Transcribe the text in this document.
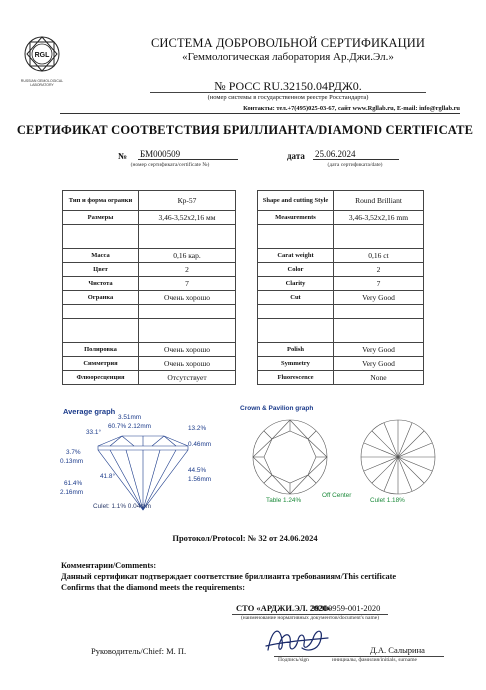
RGL
RUSSIAN GEMOLOGICAL LABORATORY
СИСТЕМА ДОБРОВОЛЬНОЙ СЕРТИФИКАЦИИ
«Геммологическая лаборатория Ар.Джи.Эл.»
№ РОСС RU.32150.04РДЖ0.
(номер системы в государственном реестре Росстандарта)
Контакты: тел.+7(495)025-03-67, сайт www.Rgllab.ru, E-mail: info@rgllab.ru
СЕРТИФИКАТ СООТВЕТСТВИЯ БРИЛЛИАНТА/DIAMOND CERTIFICATE
№ БМ000509
(номер сертификата/certificate №)
дата 25.06.2024
(дата сертификата/date)
Тип и форма огранки	Кр-57
Размеры	3,46-3,52x2,16 мм

Масса	0,16 кар.
Цвет	2
Чистота	7
Огранка	Очень хорошо

Полировка	Очень хорошо
Симметрия	Очень хорошо
Флюоресценция	Отсутствует
Shape and cutting Style	Round Brilliant
Measurements	3,46-3,52x2,16 mm

Carat weight	0,16 ct
Color	2
Clarity	7
Cut	Very Good

Polish	Very Good
Symmetry	Very Good
Fluorescence	None
Average graph	Crown & Pavilion graph
3.51mm
60.7% 2.12mm
33.1°
13.2%
3.7%
0.13mm
0.46mm
41.8°
44.5%
1.56mm
61.4%
2.16mm
Culet: 1.1% 0.04mm
Table 1.24%
Off Center
Culet 1.18%
Протокол/Protocol: № 32 от 24.06.2024
Комментарии/Comments:
Данный сертификат подтверждает соответствие бриллианта требованиям/This certificate
Confirms that the diamond meets the requirements:
СТО «АРДЖИ.ЭЛ. 2020»
39300959-001-2020
(наименование нормативных документов/document's name)
Руководитель/Chief: М. П.
Подпись/sign	инициалы, фамилия/initials, surname
Д.А. Салырина
